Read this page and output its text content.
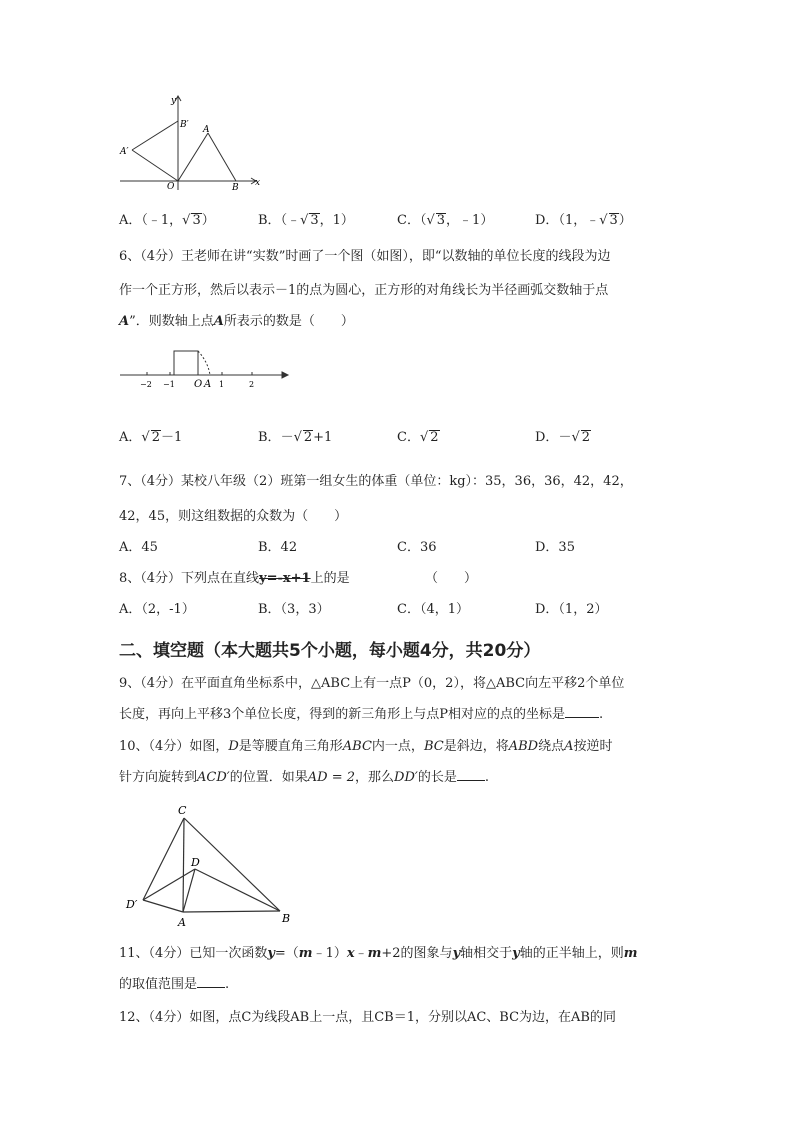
y
x
B′ A
A′
O	B
A．（﹣1，√ 3）	B．（﹣√ 3，1）	C．（√ 3，﹣1）	D．（1，﹣√ 3）
6、（4分）王老师在讲“实数”时画了一个图（如图），即“以数轴的单位长度的线段为边
作一个正方形，然后以表示－1的点为圆心，正方形的对角线长为半径画弧交数轴于点
A”．则数轴上点A所表示的数是（　　）
−2 −1 O A 1	2
A．√ 2－1	B．－√ 2+1	C．√ 2	D．－√ 2
7、（4分）某校八年级（2）班第一组女生的体重（单位：kg）：35，36，36，42，42，
42，45，则这组数据的众数为（　　）
A．45	B．42	C．36	D．35
8、（4分）下列点在直线y=-x+1上的是	（　　）
A．（2，-1）	B．（3，3）	C．（4，1）	D．（1，2）
二、填空题（本大题共5个小题，每小题4分，共20分）
9、（4分）在平面直角坐标系中，△ABC上有一点P（0，2），将△ABC向左平移2个单位
长度，再向上平移3个单位长度，得到的新三角形上与点P相对应的点的坐标是	.
10、（4分）如图，D是等腰直角三角形ABC内一点，BC是斜边，将ABD绕点A按逆时
针方向旋转到ACD′的位置．如果AD = 2，那么DD′的长是 .
C
D
D′
A	B
11、（4分）已知一次函数y=（m﹣1）x﹣m+2的图象与y轴相交于y轴的正半轴上，则m
的取值范围是 .
12、（4分）如图，点C为线段AB上一点，且CB＝1，分别以AC、BC为边，在AB的同
